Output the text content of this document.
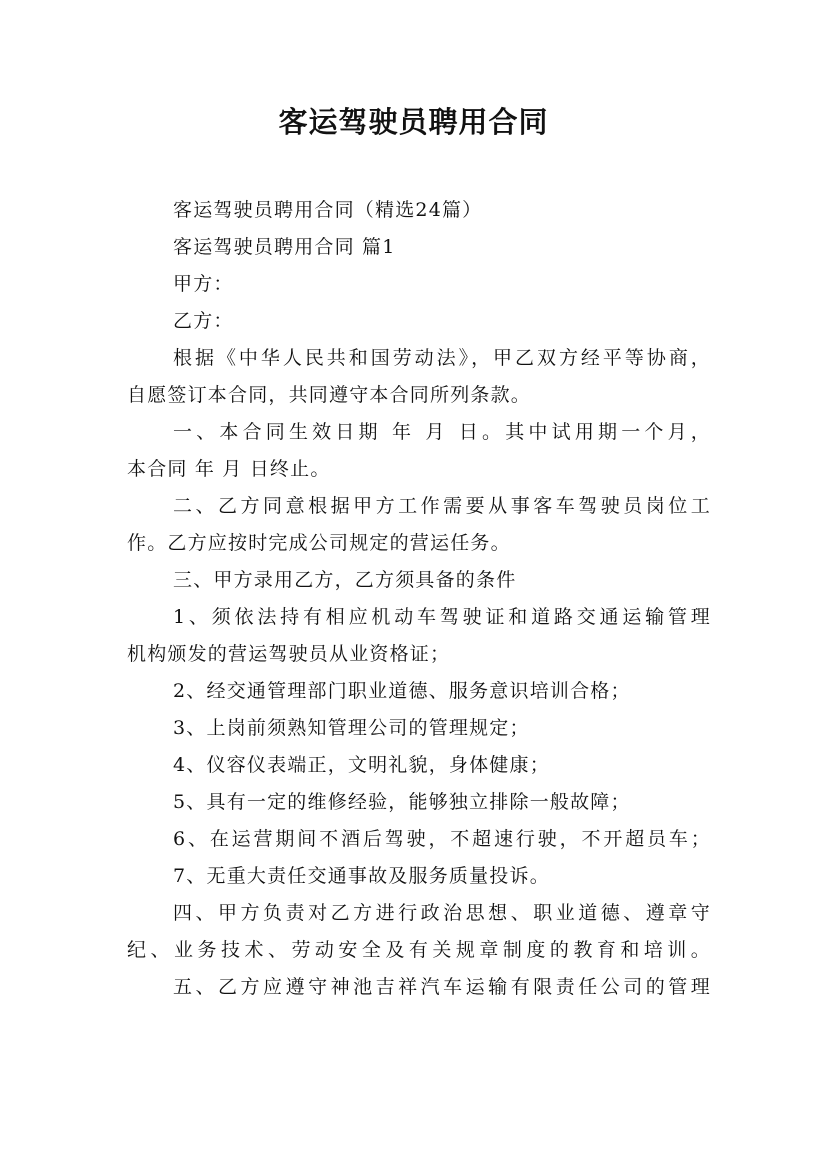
客运驾驶员聘用合同
客运驾驶员聘用合同（精选24篇）
客运驾驶员聘用合同 篇1
甲方：
乙方：
根据《中华人民共和国劳动法》，甲乙双方经平等协商，
自愿签订本合同，共同遵守本合同所列条款。
一、本合同生效日期 年 月 日。其中试用期一个月，
本合同 年 月 日终止。
二、乙方同意根据甲方工作需要从事客车驾驶员岗位工
作。乙方应按时完成公司规定的营运任务。
三、甲方录用乙方，乙方须具备的条件
1、须依法持有相应机动车驾驶证和道路交通运输管理
机构颁发的营运驾驶员从业资格证；
2、经交通管理部门职业道德、服务意识培训合格；
3、上岗前须熟知管理公司的管理规定；
4、仪容仪表端正，文明礼貌，身体健康；
5、具有一定的维修经验，能够独立排除一般故障；
6、在运营期间不酒后驾驶，不超速行驶，不开超员车；
7、无重大责任交通事故及服务质量投诉。
四、甲方负责对乙方进行政治思想、职业道德、遵章守
纪、业务技术、劳动安全及有关规章制度的教育和培训。
五、乙方应遵守神池吉祥汽车运输有限责任公司的管理
